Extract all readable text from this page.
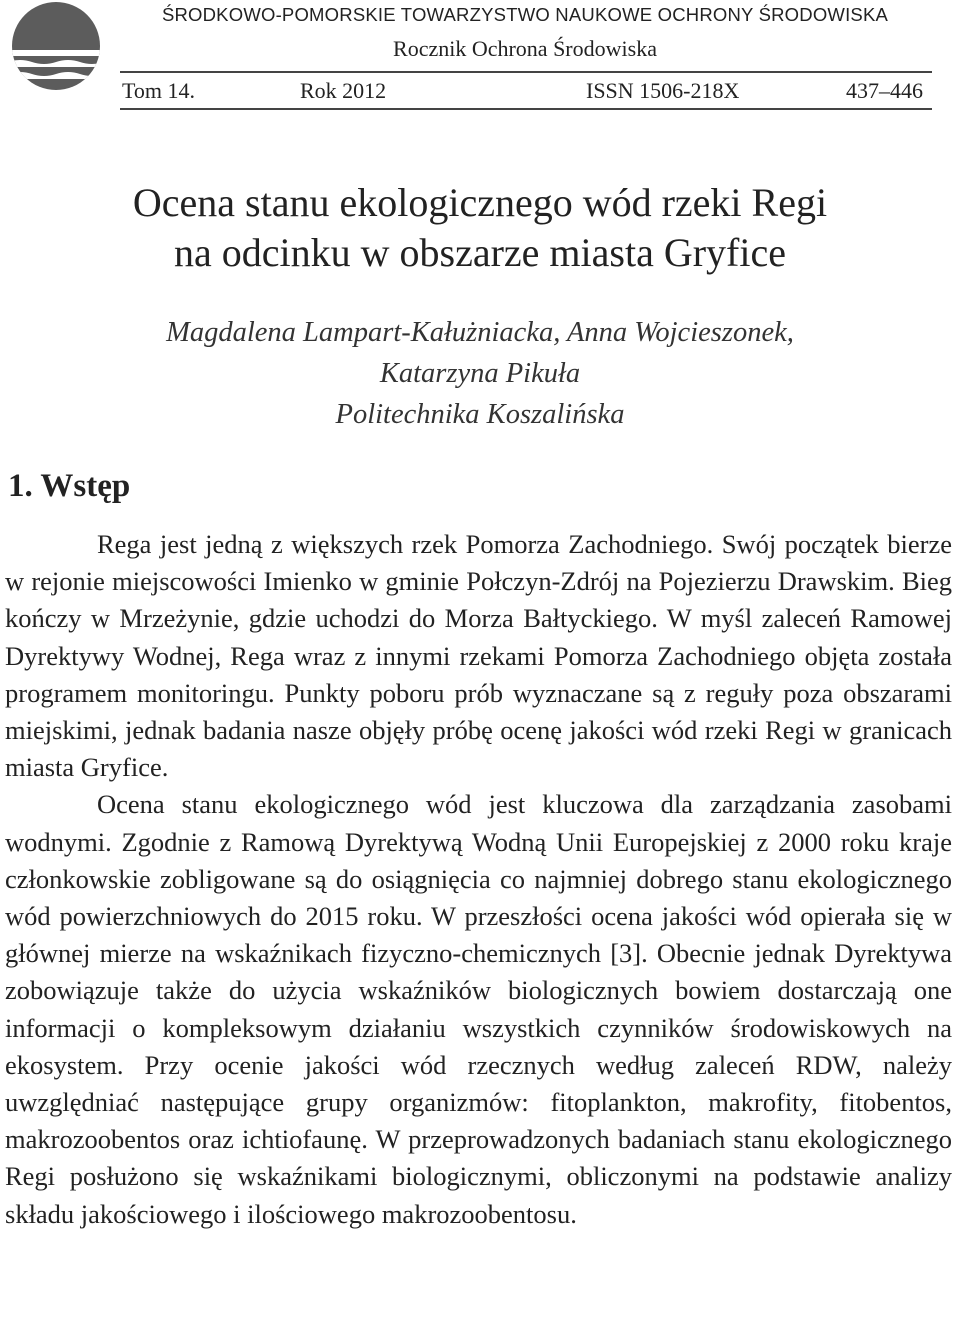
ŚRODKOWO-POMORSKIE TOWARZYSTWO NAUKOWE OCHRONY ŚRODOWISKA
Rocznik Ochrona Środowiska
Tom 14.	Rok 2012	ISSN 1506-218X	437–446
Ocena stanu ekologicznego wód rzeki Regi
na odcinku w obszarze miasta Gryfice
Magdalena Lampart-Kałużniacka, Anna Wojcieszonek,
Katarzyna Pikuła
Politechnika Koszalińska
1. Wstęp

Rega jest jedną z większych rzek Pomorza Zachodniego. Swój początek bierze w rejonie miejscowości Imienko w gminie Połczyn-Zdrój na Pojezierzu Drawskim. Bieg kończy w Mrzeżynie, gdzie uchodzi do Morza Bałtyckiego. W myśl zaleceń Ramowej Dyrektywy Wodnej, Rega wraz z innymi rzekami Pomorza Zachodniego objęta została programem monitoringu. Punkty poboru prób wyznaczane są z reguły poza obszarami miejskimi, jednak badania nasze objęły próbę ocenę jakości wód rzeki Regi w granicach miasta Gryfice.

Ocena stanu ekologicznego wód jest kluczowa dla zarządzania zasobami wodnymi. Zgodnie z Ramową Dyrektywą Wodną Unii Europejskiej z 2000 roku kraje członkowskie zobligowane są do osiągnięcia co najmniej dobrego stanu ekologicznego wód powierzchniowych do 2015 roku. W przeszłości ocena jakości wód opierała się w głównej mierze na wskaźnikach fizyczno-chemicznych [3]. Obecnie jednak Dyrektywa zobowiązuje także do użycia wskaźników biologicznych bowiem dostarczają one informacji o kompleksowym działaniu wszystkich czynników środowiskowych na ekosystem. Przy ocenie jakości wód rzecznych według zaleceń RDW, należy uwzględniać następujące grupy organizmów: fitoplankton, makrofity, fitobentos, makrozoobentos oraz ichtiofaunę. W przeprowadzonych badaniach stanu ekologicznego Regi posłużono się wskaźnikami biologicznymi, obliczonymi na podstawie analizy składu jakościowego i ilościowego makrozoobentosu.
